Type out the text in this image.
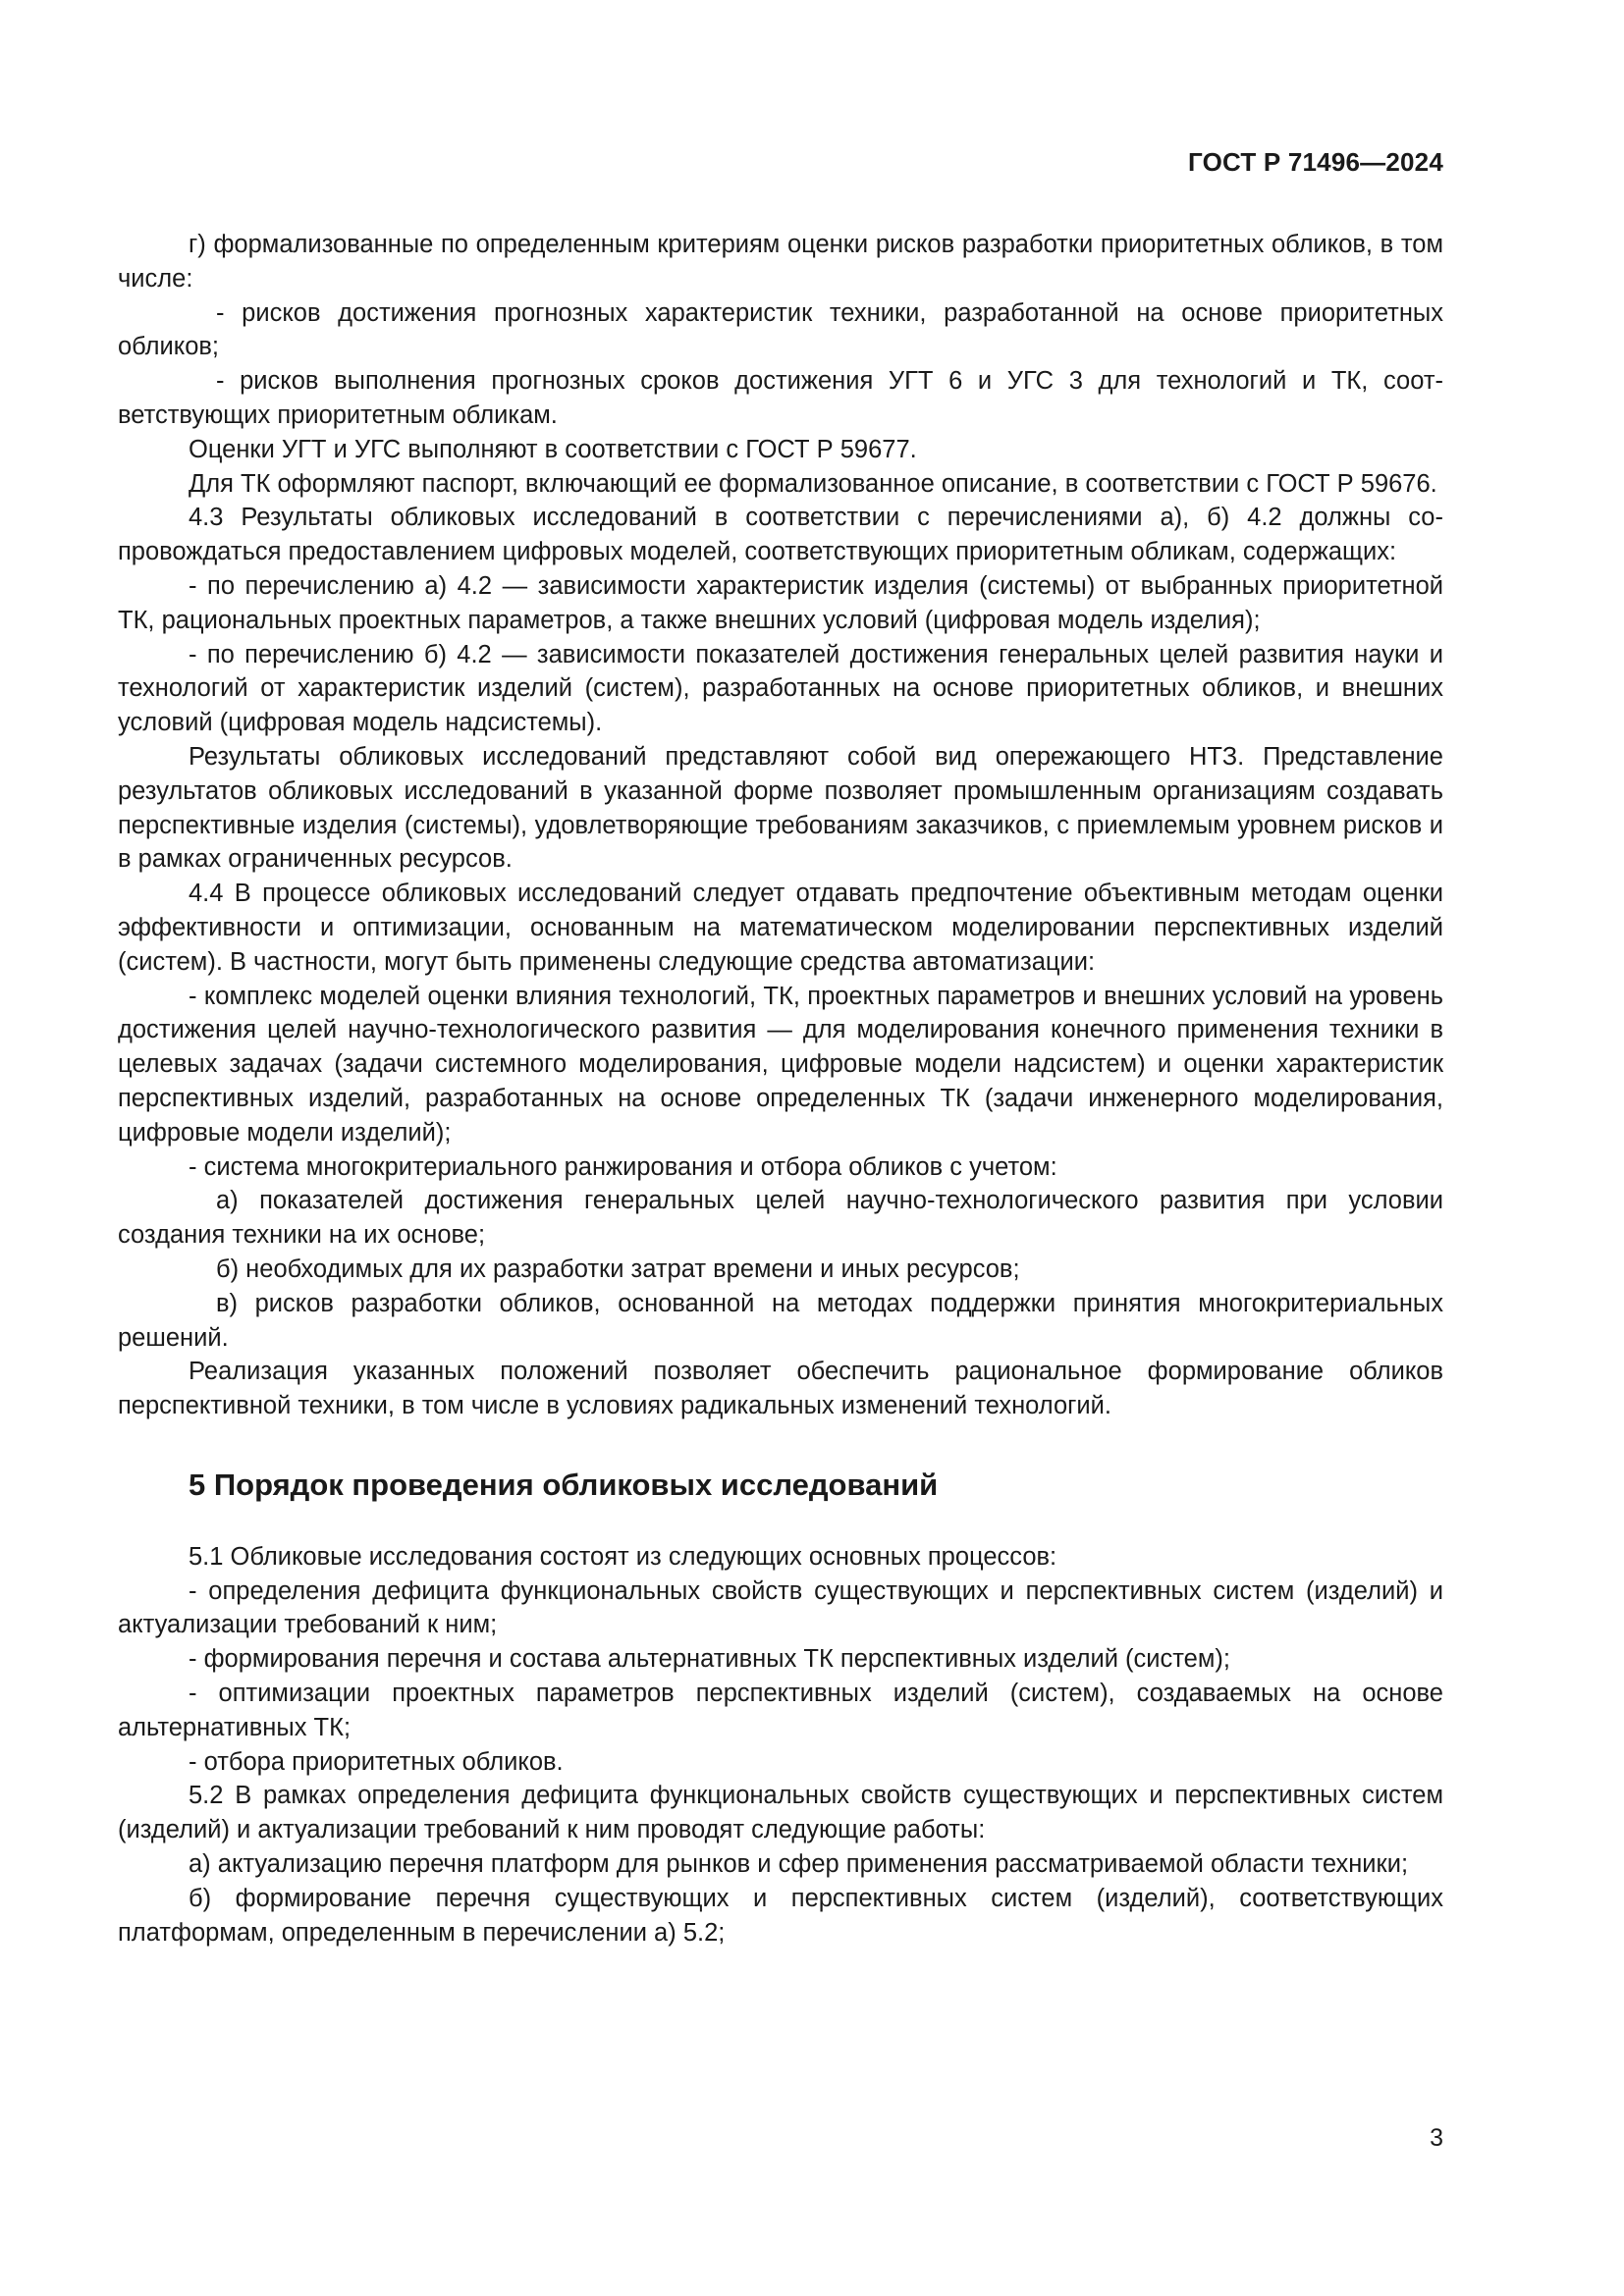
ГОСТ Р 71496—2024

г) формализованные по определенным критериям оценки рисков разработки приоритетных обликов, в том числе:

- рисков достижения прогнозных характеристик техники, разработанной на основе приоритетных обликов;

- рисков выполнения прогнозных сроков достижения УГТ 6 и УГС 3 для технологий и ТК, соответствующих приоритетным обликам.

Оценки УГТ и УГС выполняют в соответствии с ГОСТ Р 59677.

Для ТК оформляют паспорт, включающий ее формализованное описание, в соответствии с ГОСТ Р 59676.

4.3 Результаты обликовых исследований в соответствии с перечислениями а), б) 4.2 должны сопровождаться предоставлением цифровых моделей, соответствующих приоритетным обликам, содержащих:

- по перечислению а) 4.2 — зависимости характеристик изделия (системы) от выбранных приоритетной ТК, рациональных проектных параметров, а также внешних условий (цифровая модель изделия);

- по перечислению б) 4.2 — зависимости показателей достижения генеральных целей развития науки и технологий от характеристик изделий (систем), разработанных на основе приоритетных обликов, и внешних условий (цифровая модель надсистемы).

Результаты обликовых исследований представляют собой вид опережающего НТЗ. Представление результатов обликовых исследований в указанной форме позволяет промышленным организациям создавать перспективные изделия (системы), удовлетворяющие требованиям заказчиков, с приемлемым уровнем рисков и в рамках ограниченных ресурсов.

4.4 В процессе обликовых исследований следует отдавать предпочтение объективным методам оценки эффективности и оптимизации, основанным на математическом моделировании перспективных изделий (систем). В частности, могут быть применены следующие средства автоматизации:

- комплекс моделей оценки влияния технологий, ТК, проектных параметров и внешних условий на уровень достижения целей научно-технологического развития — для моделирования конечного применения техники в целевых задачах (задачи системного моделирования, цифровые модели надсистем) и оценки характеристик перспективных изделий, разработанных на основе определенных ТК (задачи инженерного моделирования, цифровые модели изделий);

- система многокритериального ранжирования и отбора обликов с учетом:

а) показателей достижения генеральных целей научно-технологического развития при условии создания техники на их основе;

б) необходимых для их разработки затрат времени и иных ресурсов;

в) рисков разработки обликов, основанной на методах поддержки принятия многокритериальных решений.

Реализация указанных положений позволяет обеспечить рациональное формирование обликов перспективной техники, в том числе в условиях радикальных изменений технологий.

5 Порядок проведения обликовых исследований

5.1 Обликовые исследования состоят из следующих основных процессов:

- определения дефицита функциональных свойств существующих и перспективных систем (изделий) и актуализации требований к ним;

- формирования перечня и состава альтернативных ТК перспективных изделий (систем);

- оптимизации проектных параметров перспективных изделий (систем), создаваемых на основе альтернативных ТК;

- отбора приоритетных обликов.

5.2 В рамках определения дефицита функциональных свойств существующих и перспективных систем (изделий) и актуализации требований к ним проводят следующие работы:

а) актуализацию перечня платформ для рынков и сфер применения рассматриваемой области техники;

б) формирование перечня существующих и перспективных систем (изделий), соответствующих платформам, определенным в перечислении а) 5.2;

3
